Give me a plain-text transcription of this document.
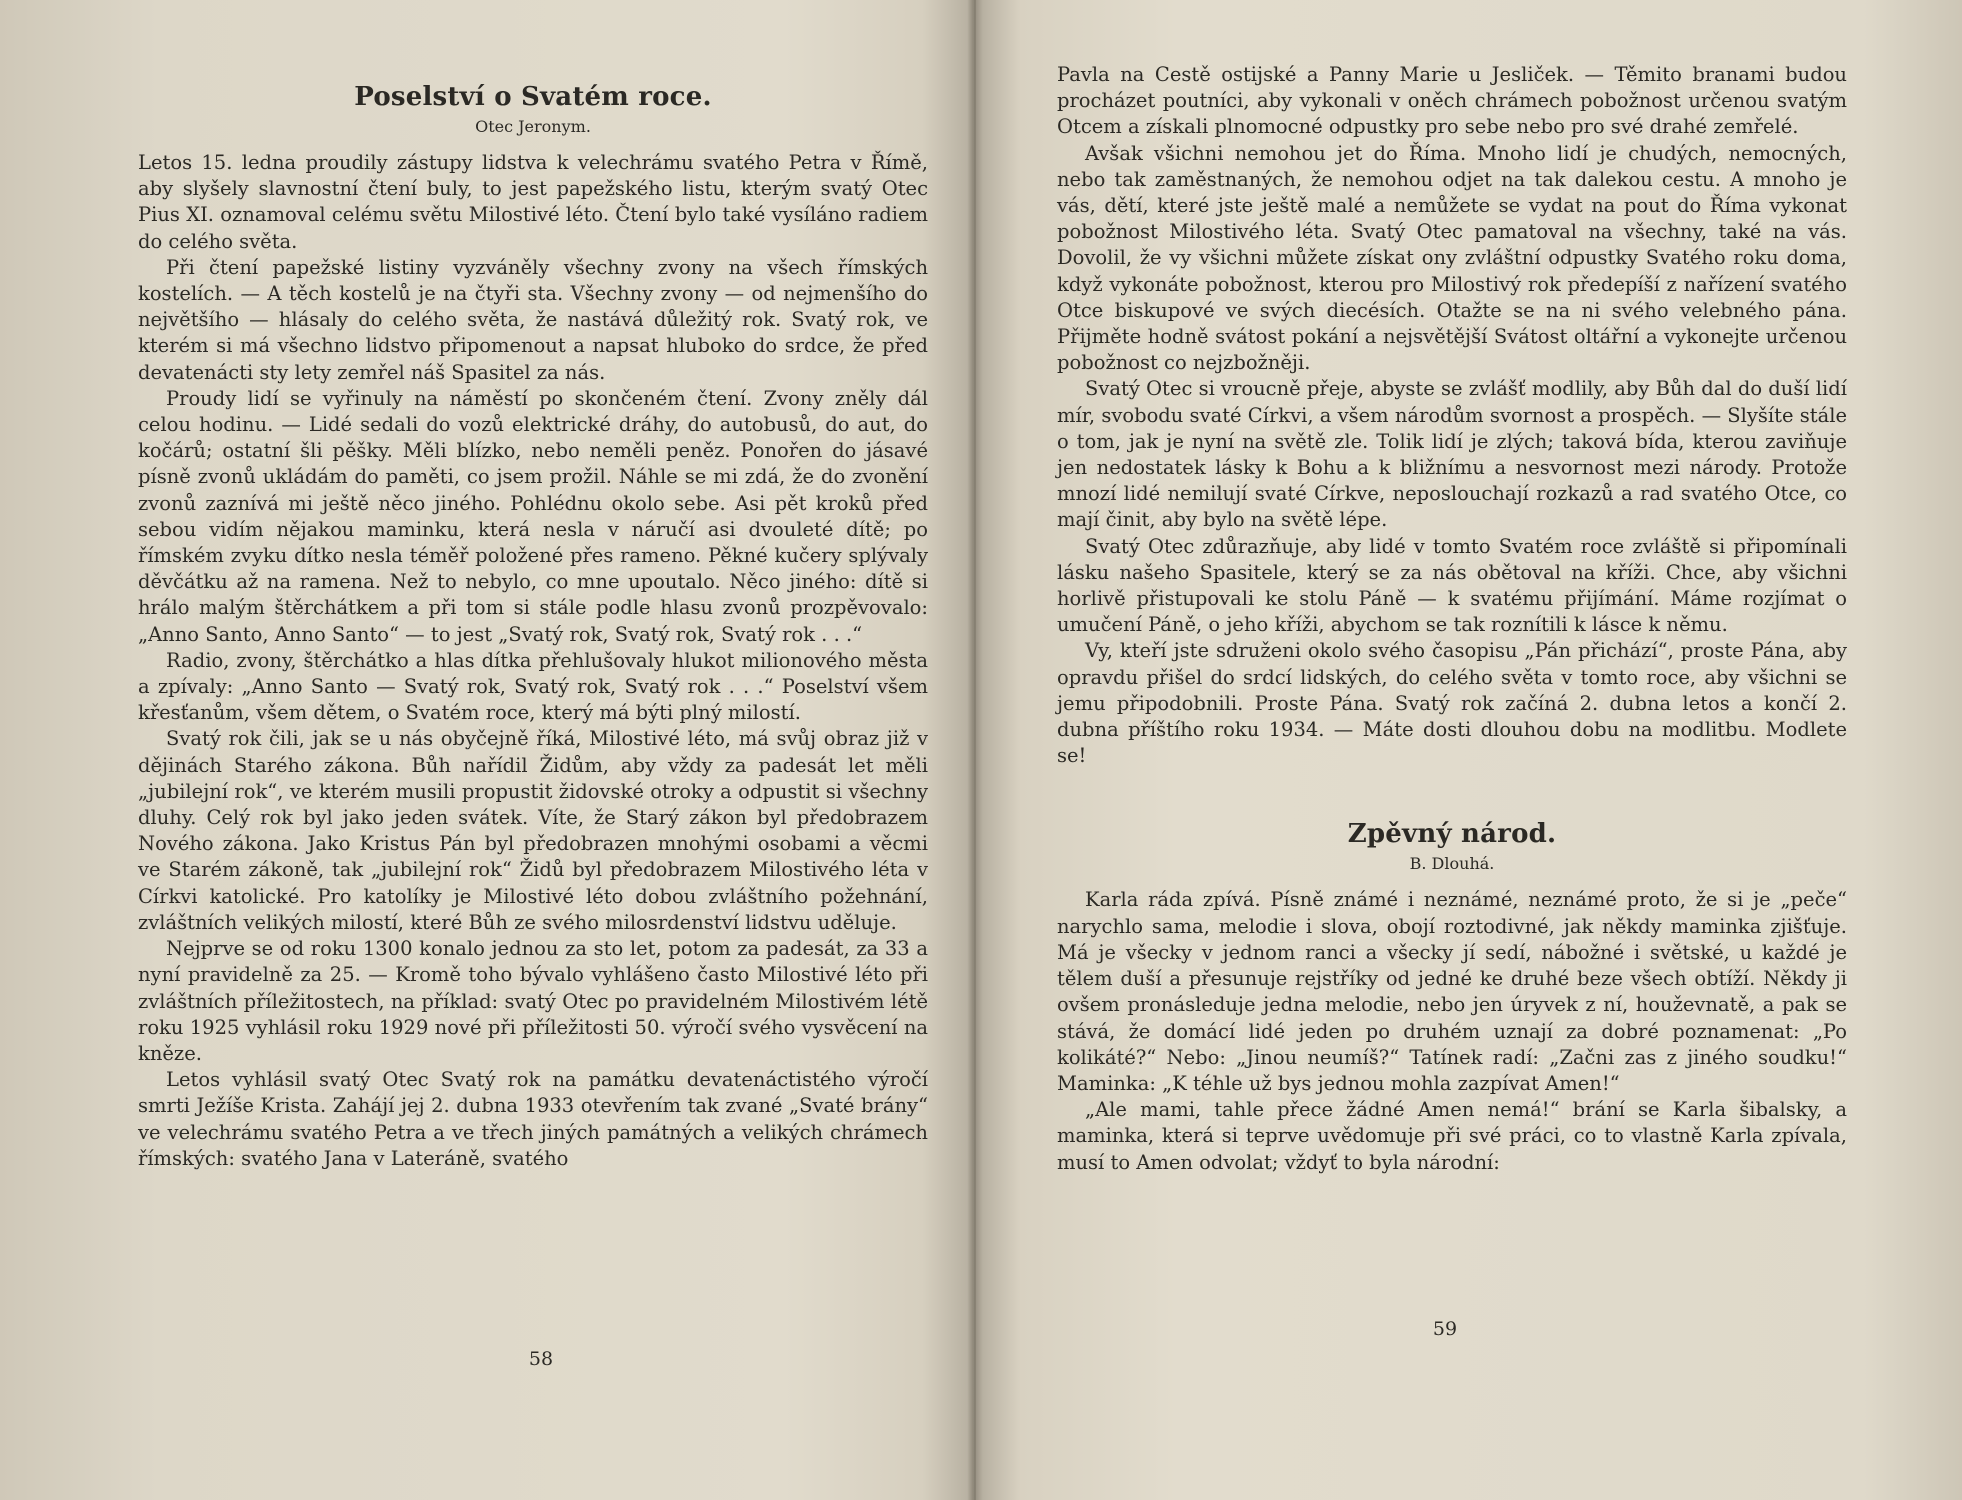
Poselství o Svatém roce.
Otec Jeronym.

Letos 15. ledna proudily zástupy lidstva k velechrámu svatého Petra v Římě, aby slyšely slavnostní čtení buly, to jest papežského listu, kterým svatý Otec Pius XI. oznamoval celému světu Milostivé léto. Čtení bylo také vysíláno radiem do celého světa.

Při čtení papežské listiny vyzváněly všechny zvony na všech římských kostelích. — A těch kostelů je na čtyři sta. Všechny zvony — od nejmenšího do největšího — hlásaly do celého světa, že nastává důležitý rok. Svatý rok, ve kterém si má všechno lidstvo připomenout a napsat hluboko do srdce, že před devatenácti sty lety zemřel náš Spasitel za nás.

Proudy lidí se vyřinuly na náměstí po skončeném čtení. Zvony zněly dál celou hodinu. — Lidé sedali do vozů elektrické dráhy, do autobusů, do aut, do kočárů; ostatní šli pěšky. Měli blízko, nebo neměli peněz. Ponořen do jásavé písně zvonů ukládám do paměti, co jsem prožil. Náhle se mi zdá, že do zvonění zvonů zaznívá mi ještě něco jiného. Pohlédnu okolo sebe. Asi pět kroků před sebou vidím nějakou maminku, která nesla v náručí asi dvouleté dítě; po římském zvyku dítko nesla téměř položené přes rameno. Pěkné kučery splývaly děvčátku až na ramena. Než to nebylo, co mne upoutalo. Něco jiného: dítě si hrálo malým štěrchátkem a při tom si stále podle hlasu zvonů prozpěvovalo: „Anno Santo, Anno Santo“ — to jest „Svatý rok, Svatý rok, Svatý rok . . .“

Radio, zvony, štěrchátko a hlas dítka přehlušovaly hlukot milionového města a zpívaly: „Anno Santo — Svatý rok, Svatý rok, Svatý rok . . .“ Poselství všem křesťanům, všem dětem, o Svatém roce, který má býti plný milostí.

Svatý rok čili, jak se u nás obyčejně říká, Milostivé léto, má svůj obraz již v dějinách Starého zákona. Bůh nařídil Židům, aby vždy za padesát let měli „jubilejní rok“, ve kterém musili propustit židovské otroky a odpustit si všechny dluhy. Celý rok byl jako jeden svátek. Víte, že Starý zákon byl předobrazem Nového zákona. Jako Kristus Pán byl předobrazen mnohými osobami a věcmi ve Starém zákoně, tak „jubilejní rok“ Židů byl předobrazem Milostivého léta v Církvi katolické. Pro katolíky je Milostivé léto dobou zvláštního požehnání, zvláštních velikých milostí, které Bůh ze svého milosrdenství lidstvu uděluje.

Nejprve se od roku 1300 konalo jednou za sto let, potom za padesát, za 33 a nyní pravidelně za 25. — Kromě toho bývalo vyhlášeno často Milostivé léto při zvláštních příležitostech, na příklad: svatý Otec po pravidelném Milostivém létě roku 1925 vyhlásil roku 1929 nové při příležitosti 50. výročí svého vysvěcení na kněze.

Letos vyhlásil svatý Otec Svatý rok na památku devatenáctistého výročí smrti Ježíše Krista. Zahájí jej 2. dubna 1933 otevřením tak zvané „Svaté brány“ ve velechrámu svatého Petra a ve třech jiných památných a velikých chrámech římských: svatého Jana v Lateráně, svatého

58

Pavla na Cestě ostijské a Panny Marie u Jesliček. — Těmito branami budou procházet poutníci, aby vykonali v oněch chrámech pobožnost určenou svatým Otcem a získali plnomocné odpustky pro sebe nebo pro své drahé zemřelé.

Avšak všichni nemohou jet do Říma. Mnoho lidí je chudých, nemocných, nebo tak zaměstnaných, že nemohou odjet na tak dalekou cestu. A mnoho je vás, dětí, které jste ještě malé a nemůžete se vydat na pout do Říma vykonat pobožnost Milostivého léta. Svatý Otec pamatoval na všechny, také na vás. Dovolil, že vy všichni můžete získat ony zvláštní odpustky Svatého roku doma, když vykonáte pobožnost, kterou pro Milostivý rok předepíší z nařízení svatého Otce biskupové ve svých diecésích. Otažte se na ni svého velebného pána. Přijměte hodně svátost pokání a nejsvětější Svátost oltářní a vykonejte určenou pobožnost co nejzbožněji.

Svatý Otec si vroucně přeje, abyste se zvlášť modlily, aby Bůh dal do duší lidí mír, svobodu svaté Církvi, a všem národům svornost a prospěch. — Slyšíte stále o tom, jak je nyní na světě zle. Tolik lidí je zlých; taková bída, kterou zaviňuje jen nedostatek lásky k Bohu a k bližnímu a nesvornost mezi národy. Protože mnozí lidé nemilují svaté Církve, neposlouchají rozkazů a rad svatého Otce, co mají činit, aby bylo na světě lépe.

Svatý Otec zdůrazňuje, aby lidé v tomto Svatém roce zvláště si připomínali lásku našeho Spasitele, který se za nás obětoval na kříži. Chce, aby všichni horlivě přistupovali ke stolu Páně — k svatému přijímání. Máme rozjímat o umučení Páně, o jeho kříži, abychom se tak roznítili k lásce k němu.

Vy, kteří jste sdruženi okolo svého časopisu „Pán přichází“, proste Pána, aby opravdu přišel do srdcí lidských, do celého světa v tomto roce, aby všichni se jemu připodobnili. Proste Pána. Svatý rok začíná 2. dubna letos a končí 2. dubna příštího roku 1934. — Máte dosti dlouhou dobu na modlitbu. Modlete se!

Zpěvný národ.
B. Dlouhá.

Karla ráda zpívá. Písně známé i neznámé, neznámé proto, že si je „peče“ narychlo sama, melodie i slova, obojí roztodivné, jak někdy maminka zjišťuje. Má je všecky v jednom ranci a všecky jí sedí, nábožné i světské, u každé je tělem duší a přesunuje rejstříky od jedné ke druhé beze všech obtíží. Někdy ji ovšem pronásleduje jedna melodie, nebo jen úryvek z ní, houževnatě, a pak se stává, že domácí lidé jeden po druhém uznají za dobré poznamenat: „Po kolikáté?“ Nebo: „Jinou neumíš?“ Tatínek radí: „Začni zas z jiného soudku!“ Maminka: „K téhle už bys jednou mohla zazpívat Amen!“

„Ale mami, tahle přece žádné Amen nemá!“ brání se Karla šibalsky, a maminka, která si teprve uvědomuje při své práci, co to vlastně Karla zpívala, musí to Amen odvolat; vždyť to byla národní:

59
